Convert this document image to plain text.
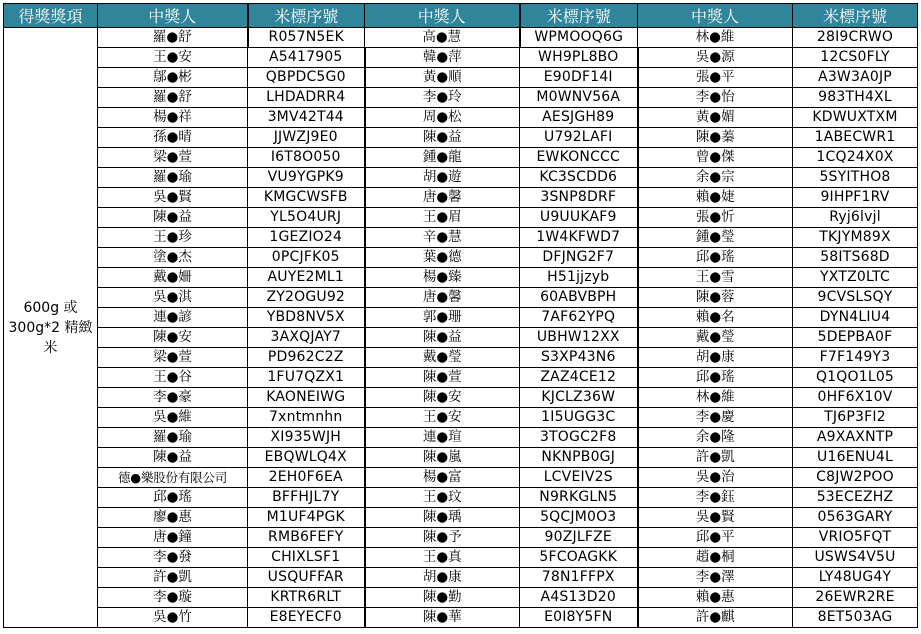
得獎獎項	中獎人	米標序號	中獎人	米標序號	中獎人	米標序號
600g 或 300g*2 精緻米	羅●舒	R057N5EK	高●慧	WPMOOQ6G	林●維	28I9CRWO
	王●安	A5417905	韓●萍	WH9PL8BO	吳●源	12CS0FLY
	鄔●彬	QBPDC5G0	黃●順	E90DF14I	張●平	A3W3A0JP
	羅●舒	LHDADRR4	李●玲	M0WNV56A	李●怡	983TH4XL
	楊●祥	3MV42T44	周●松	AESJGH89	黃●媚	KDWUXTXM
	孫●晴	JJWZJ9E0	陳●益	U792LAFI	陳●蓁	1ABECWR1
	梁●萱	I6T8O050	鍾●龍	EWKONCCC	曾●傑	1CQ24X0X
	羅●瑜	VU9YGPK9	胡●遊	KC3SCDD6	余●宗	5SYITHO8
	吳●賢	KMGCWSFB	唐●馨	3SNP8DRF	賴●婕	9IHPF1RV
	陳●益	YL5O4URJ	王●眉	U9UUKAF9	張●忻	Ryj6lvjl
	王●珍	1GEZIO24	辛●慧	1W4KFWD7	鍾●瑩	TKJYM89X
	塗●杰	0PCJFK05	葉●德	DFJNG2F7	邱●瑤	58ITS68D
	戴●姍	AUYE2ML1	楊●臻	H51jjzyb	王●雪	YXTZ0LTC
	吳●淇	ZY2OGU92	唐●馨	60ABVBPH	陳●蓉	9CVSLSQY
	連●諺	YBD8NV5X	郭●珊	7AF62YPQ	賴●名	DYN4LIU4
	陳●安	3AXQJAY7	陳●益	UBHW12XX	戴●瑩	5DEPBA0F
	梁●萱	PD962C2Z	戴●瑩	S3XP43N6	胡●康	F7F149Y3
	王●谷	1FU7QZX1	陳●萱	ZAZ4CE12	邱●瑤	Q1QO1L05
	李●豪	KAONEIWG	陳●安	KJCLZ36W	林●維	0HF6X10V
	吳●維	7xntmnhn	王●安	1I5UGG3C	李●慶	TJ6P3FI2
	羅●瑜	XI935WJH	連●瑄	3TOGC2F8	余●隆	A9XAXNTP
	陳●益	EBQWLQ4X	陳●嵐	NKNPB0GJ	許●凱	U16ENU4L
	德●樂股份有限公司	2EH0F6EA	楊●富	LCVEIV2S	吳●治	C8JW2POO
	邱●瑤	BFFHJL7Y	王●玟	N9RKGLN5	李●鈺	53ECEZHZ
	廖●惠	M1UF4PGK	陳●瑀	5QCJM0O3	吳●賢	0563GARY
	唐●鐘	RMB6FEFY	陳●予	90ZJLFZE	邱●平	VRIO5FQT
	李●發	CHIXLSF1	王●真	5FCOAGKK	趙●桐	USWS4V5U
	許●凱	USQUFFAR	胡●康	78N1FFPX	李●澤	LY48UG4Y
	李●璇	KRTR6RLT	陳●勤	A4S13D20	賴●惠	26EWR2RE
	吳●竹	E8EYECF0	陳●華	E0I8Y5FN	許●麒	8ET503AG
